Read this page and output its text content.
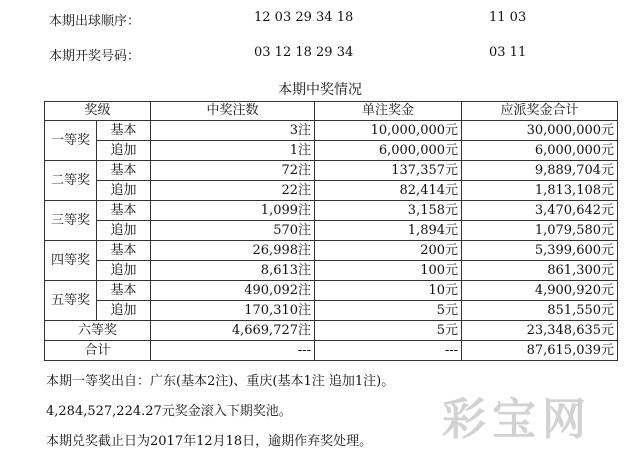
本期出球顺序：	12 03 29 34 18	11 03
本期开奖号码：	03 12 18 29 34	03 11
本期中奖情况
奖级		中奖注数	单注奖金	应派奖金合计
一等奖	基本	3注	10,000,000元	30,000,000元
	追加	1注	6,000,000元	6,000,000元
二等奖	基本	72注	137,357元	9,889,704元
	追加	22注	82,414元	1,813,108元
三等奖	基本	1,099注	3,158元	3,470,642元
	追加	570注	1,894元	1,079,580元
四等奖	基本	26,998注	200元	5,399,600元
	追加	8,613注	100元	861,300元
五等奖	基本	490,092注	10元	4,900,920元
	追加	170,310注	5元	851,550元
六等奖		4,669,727注	5元	23,348,635元
合计		---	---	87,615,039元
本期一等奖出自：广东(基本2注)、重庆(基本1注 追加1注)。
4,284,527,224.27元奖金滚入下期奖池。
本期兑奖截止日为2017年12月18日，逾期作弃奖处理。 彩宝网
